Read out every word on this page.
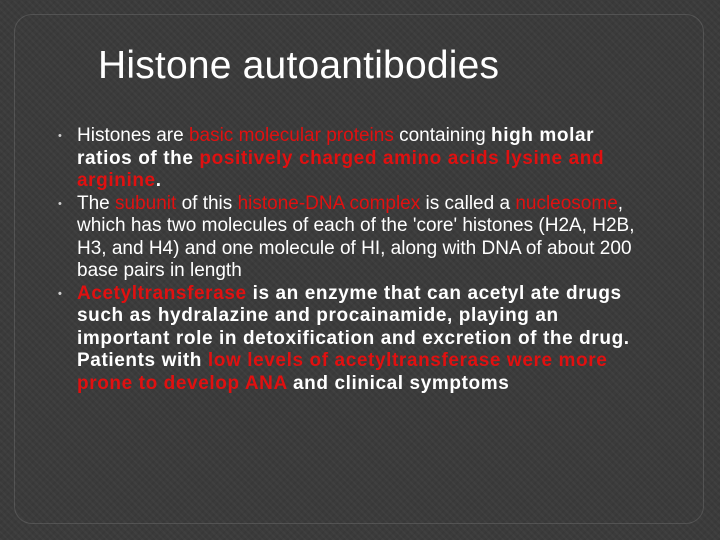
Histone autoantibodies
• Histones are basic molecular proteins containing high molar ratios of the positively charged amino acids lysine and arginine.
• The subunit of this histone-DNA complex is called a nucleosome, which has two molecules of each of the 'core' histones (H2A, H2B, H3, and H4) and one molecule of HI, along with DNA of about 200 base pairs in length
• Acetyltransferase is an enzyme that can acetyl ate drugs such as hydralazine and procainamide, playing an important role in detoxification and excretion of the drug. Patients with low levels of acetyltransferase were more prone to develop ANA and clinical symptoms
